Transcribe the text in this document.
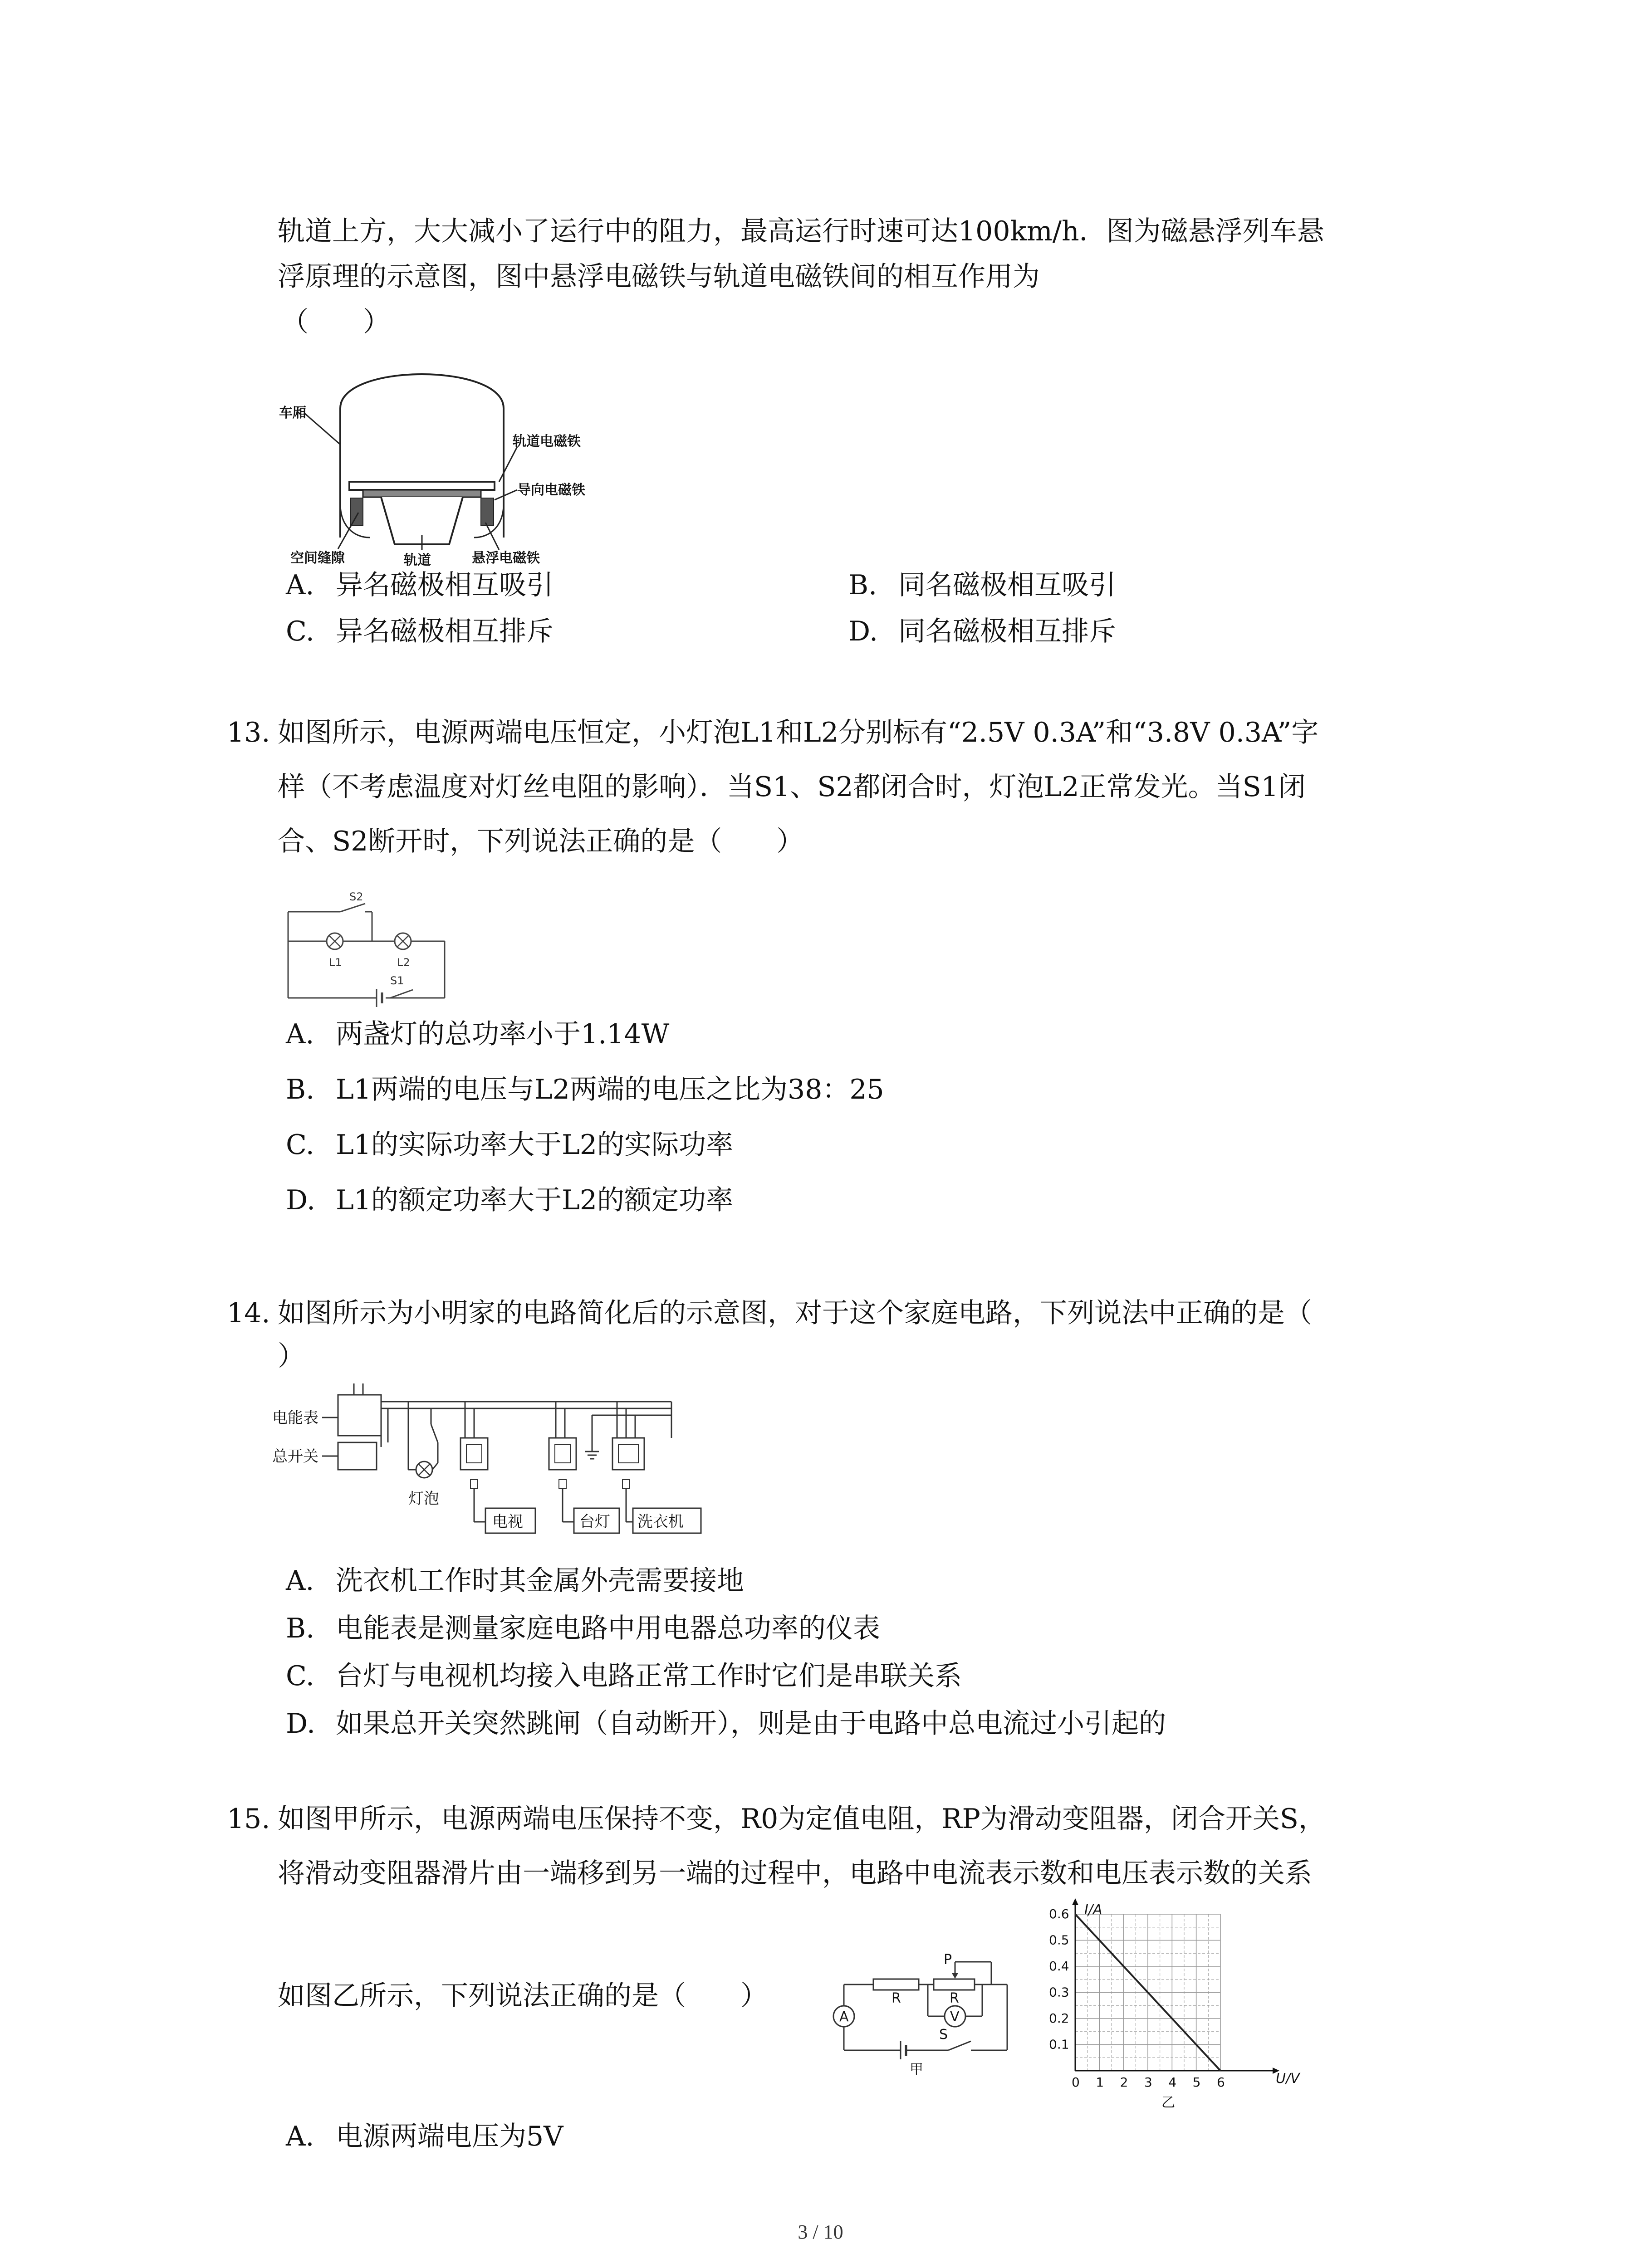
轨道上方，大大减小了运行中的阻力，最高运行时速可达100km/h．图为磁悬浮列车悬
浮原理的示意图，图中悬浮电磁铁与轨道电磁铁间的相互作用为
（　　）
车厢
轨道电磁铁
导向电磁铁
空间缝隙	轨道	悬浮电磁铁
A. 异名磁极相互吸引	B. 同名磁极相互吸引
C. 异名磁极相互排斥	D. 同名磁极相互排斥
13. 如图所示，电源两端电压恒定，小灯泡L1和L2分别标有“2.5V 0.3A”和“3.8V 0.3A”字
样（不考虑温度对灯丝电阻的影响）．当S1、S2都闭合时，灯泡L2正常发光。当S1闭
合、S2断开时，下列说法正确的是（　　）
S2
L1	L2
S1
A. 两盏灯的总功率小于1.14W
B. L1两端的电压与L2两端的电压之比为38：25
C. L1的实际功率大于L2的实际功率
D. L1的额定功率大于L2的额定功率
14. 如图所示为小明家的电路简化后的示意图，对于这个家庭电路，下列说法中正确的是（
）
电能表
总开关
灯泡
电视	台灯 洗衣机
A. 洗衣机工作时其金属外壳需要接地
B. 电能表是测量家庭电路中用电器总功率的仪表
C. 台灯与电视机均接入电路正常工作时它们是串联关系
D. 如果总开关突然跳闸（自动断开），则是由于电路中总电流过小引起的
15. 如图甲所示，电源两端电压保持不变，R0为定值电阻，RP为滑动变阻器，闭合开关S，
将滑动变阻器滑片由一端移到另一端的过程中，电路中电流表示数和电压表示数的关系
如图乙所示，下列说法正确的是（　　）	R
P
R
A	V
S
甲
0 1 2 3 4 5 6
0.1
0.2
0.3
0.4
0.5
0.6 I/A
U/V
乙
A. 电源两端电压为5V
3 / 10
